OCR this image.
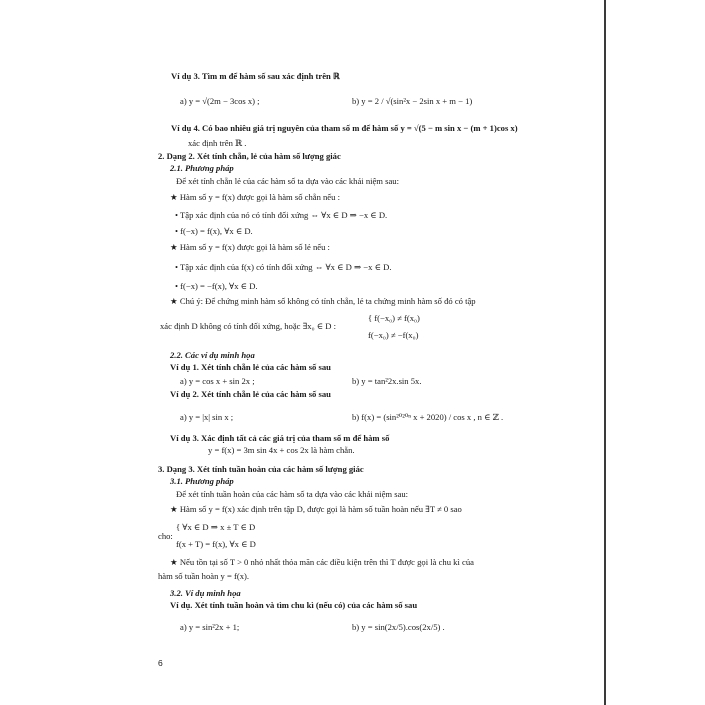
Ví dụ 3. Tìm m để hàm số sau xác định trên ℝ
a) y = √(2m − 3cos x) ;	b) y = 2 / √(sin²x − 2sin x + m − 1)
Ví dụ 4. Có bao nhiêu giá trị nguyên của tham số m để hàm số y = √(5 − m sin x − (m + 1)cos x)
xác định trên ℝ .
2. Dạng 2. Xét tính chẵn, lẻ của hàm số lượng giác
2.1. Phương pháp
Để xét tính chẵn lẻ của các hàm số ta dựa vào các khái niệm sau:
★ Hàm số y = f(x) được gọi là hàm số chẵn nếu :
• Tập xác định của nó có tính đối xứng ⇔ ∀x ∈ D ⇒ −x ∈ D.
• f(−x) = f(x), ∀x ∈ D.
★ Hàm số y = f(x) được gọi là hàm số lẻ nếu :
• Tập xác định của f(x) có tính đối xứng ⇔ ∀x ∈ D ⇒ −x ∈ D.
• f(−x) = −f(x), ∀x ∈ D.
★ Chú ý: Để chứng minh hàm số không có tính chẵn, lẻ ta chứng minh hàm số đó có tập
xác định D không có tính đối xứng, hoặc ∃x₀ ∈ D :
{ f(−x₀) ≠ f(x₀)
f(−x₀) ≠ −f(x₀)
2.2. Các ví dụ minh họa
Ví dụ 1. Xét tính chẵn lẻ của các hàm số sau
a) y = cos x + sin 2x ;	b) y = tan²2x.sin 5x.
Ví dụ 2. Xét tính chẵn lẻ của các hàm số sau
a) y = |x| sin x ;	b) f(x) = (sin²⁰²⁰ⁿ x + 2020) / cos x , n ∈ ℤ .
Ví dụ 3. Xác định tất cả các giá trị của tham số m để hàm số
y = f(x) = 3m sin 4x + cos 2x là hàm chẵn.
3. Dạng 3. Xét tính tuần hoàn của các hàm số lượng giác
3.1. Phương pháp
Để xét tính tuần hoàn của các hàm số ta dựa vào các khái niệm sau:
★ Hàm số y = f(x) xác định trên tập D, được gọi là hàm số tuần hoàn nếu ∃T ≠ 0 sao
cho:
{ ∀x ∈ D ⇒ x ± T ∈ D
f(x + T) = f(x), ∀x ∈ D
★ Nếu tồn tại số T > 0 nhỏ nhất thỏa mãn các điều kiện trên thì T được gọi là chu kì của
hàm số tuần hoàn y = f(x).
3.2. Ví dụ minh họa
Ví dụ. Xét tính tuần hoàn và tìm chu kì (nếu có) của các hàm số sau
a) y = sin²2x + 1;	b) y = sin(2x/5).cos(2x/5) .
6
